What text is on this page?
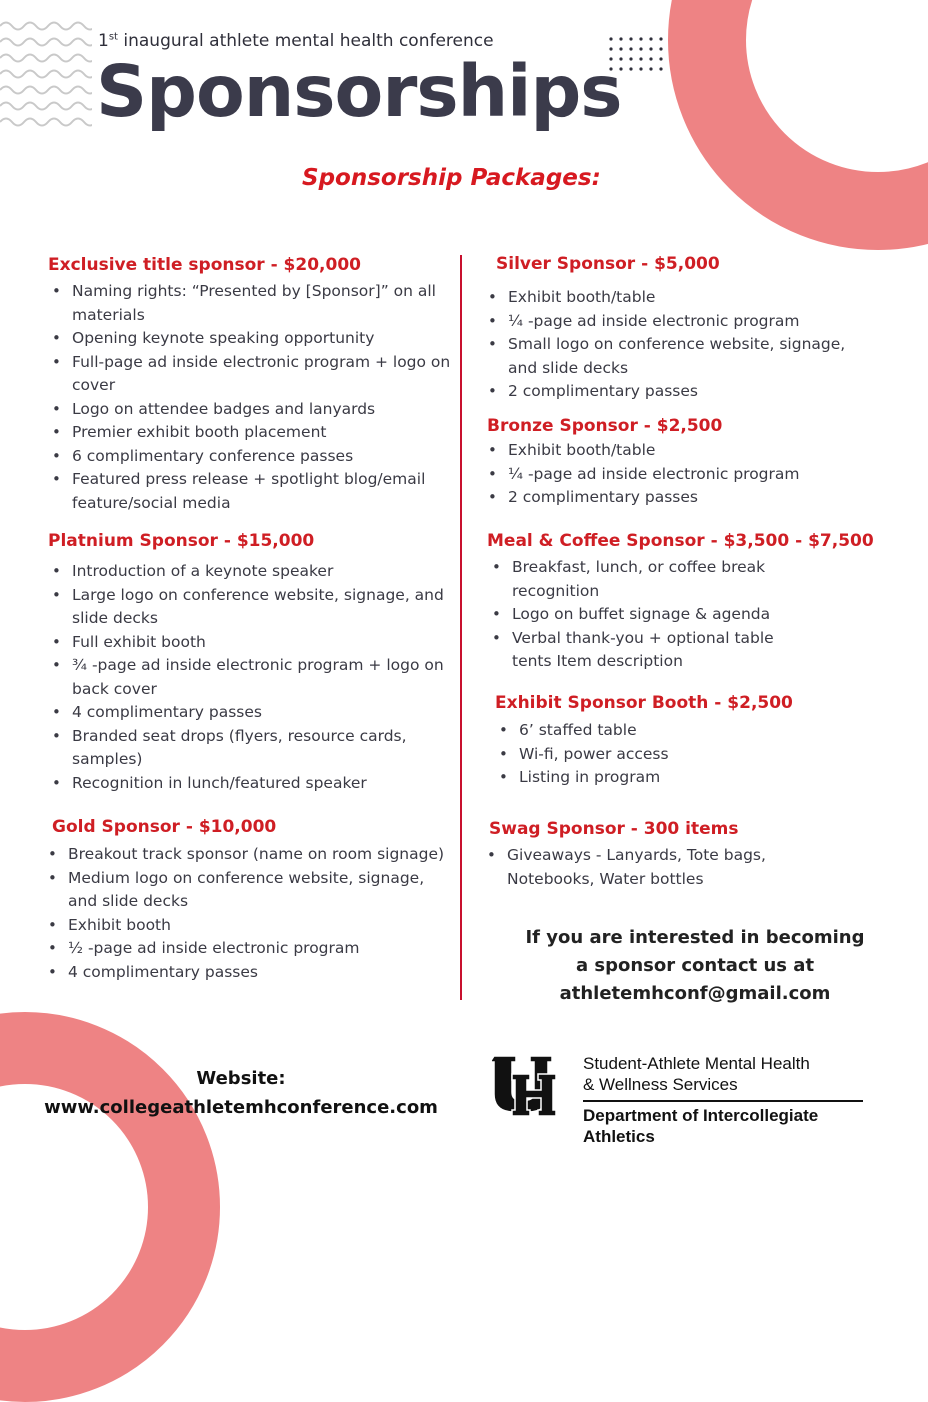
1st inaugural athlete mental health conference
Sponsorships
Sponsorship Packages:
Exclusive title sponsor - $20,000
• Naming rights: “Presented by [Sponsor]” on all materials
• Opening keynote speaking opportunity
• Full-page ad inside electronic program + logo on cover
• Logo on attendee badges and lanyards
• Premier exhibit booth placement
• 6 complimentary conference passes
• Featured press release + spotlight blog/email feature/social media
Platnium Sponsor - $15,000
• Introduction of a keynote speaker
• Large logo on conference website, signage, and slide decks
• Full exhibit booth
• ¾ -page ad inside electronic program + logo on back cover
• 4 complimentary passes
• Branded seat drops (flyers, resource cards, samples)
• Recognition in lunch/featured speaker
Gold Sponsor - $10,000
• Breakout track sponsor (name on room signage)
• Medium logo on conference website, signage, and slide decks
• Exhibit booth
• ½ -page ad inside electronic program
• 4 complimentary passes
Silver Sponsor - $5,000
• Exhibit booth/table
• ¼ -page ad inside electronic program
• Small logo on conference website, signage, and slide decks
• 2 complimentary passes
Bronze Sponsor - $2,500
• Exhibit booth/table
• ¼ -page ad inside electronic program
• 2 complimentary passes
Meal & Coffee Sponsor - $3,500 - $7,500
• Breakfast, lunch, or coffee break recognition
• Logo on buffet signage & agenda
• Verbal thank-you + optional table tents Item description
Exhibit Sponsor Booth - $2,500
• 6’ staffed table
• Wi-fi, power access
• Listing in program
Swag Sponsor - 300 items
• Giveaways - Lanyards, Tote bags, Notebooks, Water bottles
If you are interested in becoming
a sponsor contact us at
athletemhconf@gmail.com
Website:
www.collegeathletemhconference.com
Student-Athlete Mental Health
& Wellness Services
Department of Intercollegiate
Athletics
